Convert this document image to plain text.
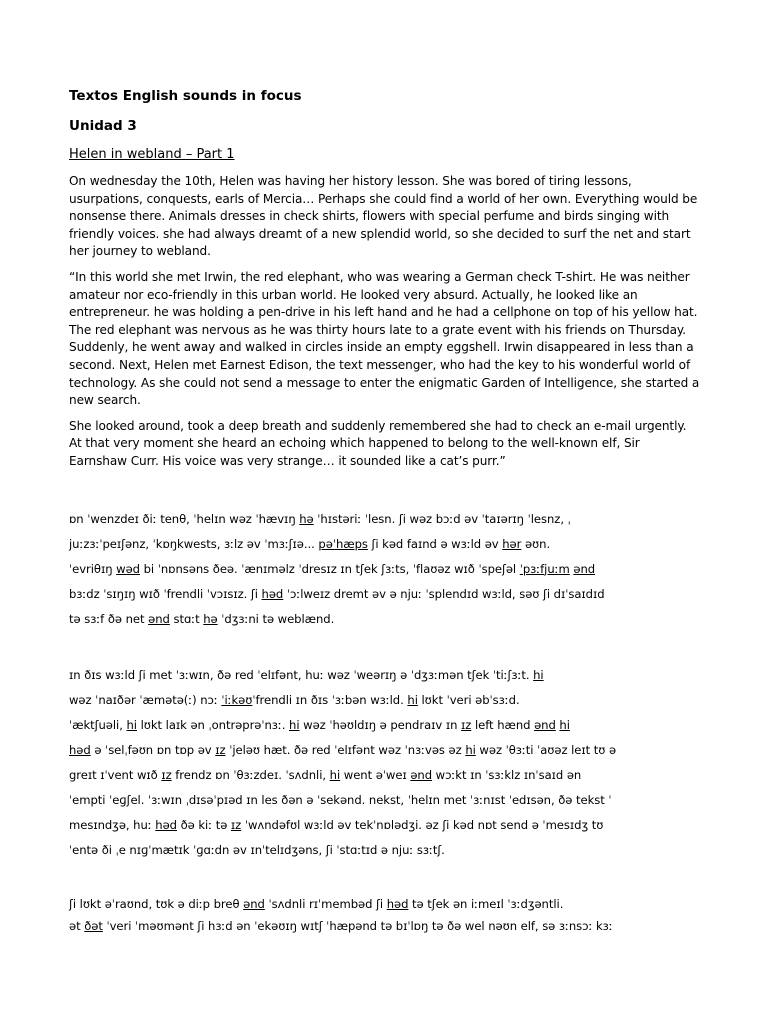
Textos English sounds in focus
Unidad 3
Helen in webland – Part 1

On wednesday the 10th, Helen was having her history lesson. She was bored of tiring lessons, usurpations, conquests, earls of Mercia… Perhaps she could find a world of her own. Everything would be nonsense there. Animals dresses in check shirts, flowers with special perfume and birds singing with friendly voices. she had always dreamt of a new splendid world, so she decided to surf the net and start her journey to webland.

“In this world she met Irwin, the red elephant, who was wearing a German check T-shirt. He was neither amateur nor eco-friendly in this urban world. He looked very absurd. Actually, he looked like an entrepreneur. he was holding a pen-drive in his left hand and he had a cellphone on top of his yellow hat. The red elephant was nervous as he was thirty hours late to a grate event with his friends on Thursday. Suddenly, he went away and walked in circles inside an empty eggshell. Irwin disappeared in less than a second. Next, Helen met Earnest Edison, the text messenger, who had the key to his wonderful world of technology. As she could not send a message to enter the enigmatic Garden of Intelligence, she started a new search.

She looked around, took a deep breath and suddenly remembered she had to check an e-mail urgently. At that very moment she heard an echoing which happened to belong to the well-known elf, Sir Earnshaw Curr. His voice was very strange… it sounded like a cat’s purr.”

ɒn ˈwenzdeɪ ðiː tenθ, ˈhelɪn wəz ˈhævɪŋ hə ˈhɪstəriː ˈlesn. ʃi wəz bɔːd əv ˈtaɪərɪŋ ˈlesnz, ˌ
juːzɜːˈpeɪʃənz, ˈkɒŋkwests, ɜːlz əv ˈmɜːʃɪə... pəˈhæps ʃi kəd faɪnd ə wɜːld əv hər əʊn.
ˈevriθɪŋ wəd bi ˈnɒnsəns ðeə. ˈænɪməlz ˈdresɪz ɪn tʃek ʃɜːts, ˈflaʊəz wɪð ˈspeʃəl ˈpɜːfjuːm ənd
bɜːdz ˈsɪŋɪŋ wɪð ˈfrendli ˈvɔɪsɪz. ʃi həd ˈɔːlweɪz dremt əv ə njuː ˈsplendɪd wɜːld, səʊ ʃi dɪˈsaɪdɪd
tə sɜːf ðə net ənd stɑːt hə ˈdʒɜːni tə weblænd.
ɪn ðɪs wɜːld ʃi met ˈɜːwɪn, ðə red ˈelɪfənt, huː wəz ˈweərɪŋ ə ˈdʒɜːmən tʃek ˈtiːʃɜːt. hi
wəz ˈnaɪðər ˈæmətə(ː) nɔː ˈiːkəʊˈfrendli ɪn ðɪs ˈɜːbən wɜːld. hi lʊkt ˈveri əbˈsɜːd.
ˈæktʃuəli, hi lʊkt laɪk ən ˌontrəprəˈnɜː. hi wəz ˈhəʊldɪŋ ə pendraɪv ɪn ɪz left hænd ənd hi
həd ə ˈselˌfəʊn ɒn tɒp əv ɪz ˈjeləʊ hæt. ðə red ˈelɪfənt wəz ˈnɜːvəs əz hi wəz ˈθɜːti ˈaʊəz leɪt tʊ ə
greɪt ɪˈvent wɪð ɪz frendz ɒn ˈθɜːzdeɪ. ˈsʌdnli, hi went əˈweɪ ənd wɔːkt ɪn ˈsɜːklz ɪnˈsaɪd ən
ˈempti ˈeɡʃel. ˈɜːwɪn ˌdɪsəˈpɪəd ɪn les ðən ə ˈsekənd. nekst, ˈhelɪn met ˈɜːnɪst ˈedɪsən, ðə tekst ˈ
mesɪndʒə, huː həd ðə kiː tə ɪz ˈwʌndəfʊl wɜːld əv tekˈnɒlədʒi. əz ʃi kəd nɒt send ə ˈmesɪdʒ tʊ
ˈentə ði ˌe nɪɡˈmætɪk ˈɡɑːdn əv ɪnˈtelɪdʒəns, ʃi ˈstɑːtɪd ə njuː sɜːtʃ.
ʃi lʊkt əˈraʊnd, tʊk ə diːp breθ ənd ˈsʌdnli rɪˈmembəd ʃi həd tə tʃek ən iːmeɪl ˈɜːdʒəntli.
ət ðət ˈveri ˈməʊmənt ʃi hɜːd ən ˈekəʊɪŋ wɪtʃ ˈhæpənd tə bɪˈlɒŋ tə ðə wel nəʊn elf, sə ɜːnsɔː kɜː
